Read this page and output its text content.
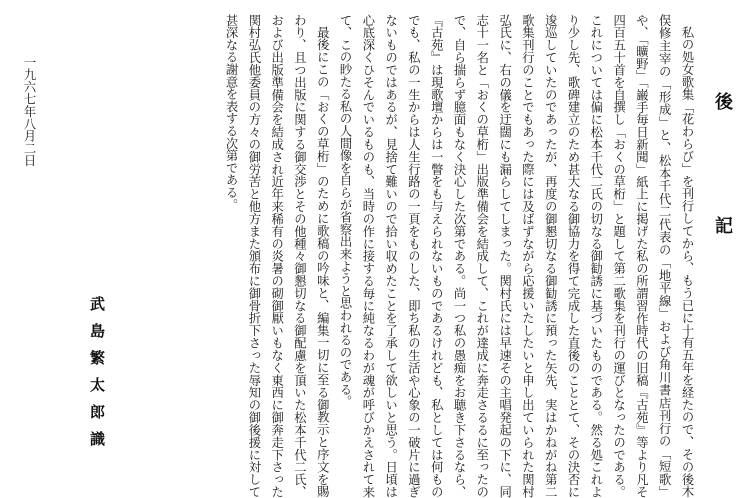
後　記

私の処女歌集「花わらび」を刊行してから、もう已に十有五年を経たので、その後木俣修主宰の「形成」と、松本千代二代表の「地平線」および角川書店刊行の「短歌」や、「曠野」「巌手毎日新聞」紙上に掲げた私の所謂習作時代の旧稿『古苑』等より凡そ四百五十首を自撰し「おくの草桁」と題して第二歌集を刊行の運びとなったのである。これについては偏に松本千代二氏の切なる御勧誘に基づいたものである。然る処これより少し先、歌碑建立のため甚大なる御協力を得て完成した直後のこととて、その決否に逡巡していたのであったが、再度の御懇切なる御勧誘に預った矢先、実はかねがね第二歌集刊行のことでもあった際には及ばずながら応援いたしたいと申し出ていられた関村弘氏に、右の儀を迂闊にも漏らしてしまった。関村氏には早速その主唱発起の下に、同志十一名と「おくの草桁」出版準備会を結成して、これが達成に奔走さるるに至ったので、自ら揣らず臆面もなく決心した次第である。尚一つ私の愚痴をお聴き下さるなら、『古苑』は現歌壇からは一瞥をも与えられないものであるけれども、私としては何ものでも、私の一生からは人生行路の一頁をものした、即ち私の生活や心象の一破片に過ぎないものではあるが、見捨て難いので拾い収めたことを了承して欲しいと思う。日頃は心底深くひそんでいるものも、当時の作に接する毎に純なるわが魂が呼びかえされて来て、この眇たる私の人間像を自らが省察出来ようと思われるのである。

最後にこの「おくの草桁」のために歌稿の吟味と、編集一切に至る御教示と序文を賜わり、且つ出版に関する御交渉とその他種々御懇切なる御配慮を頂いた松本千代二氏、および出版準備会を結成され近年来稀有の炎暑の砌御厭いもなく東西に御奔走下さった関村弘氏他委員の方々の御労苦と他方また頒布に御骨折下さった辱知の御後援に対して甚深なる謝意を表する次第である。

武島繁太郎識
一九六七年八月二日
